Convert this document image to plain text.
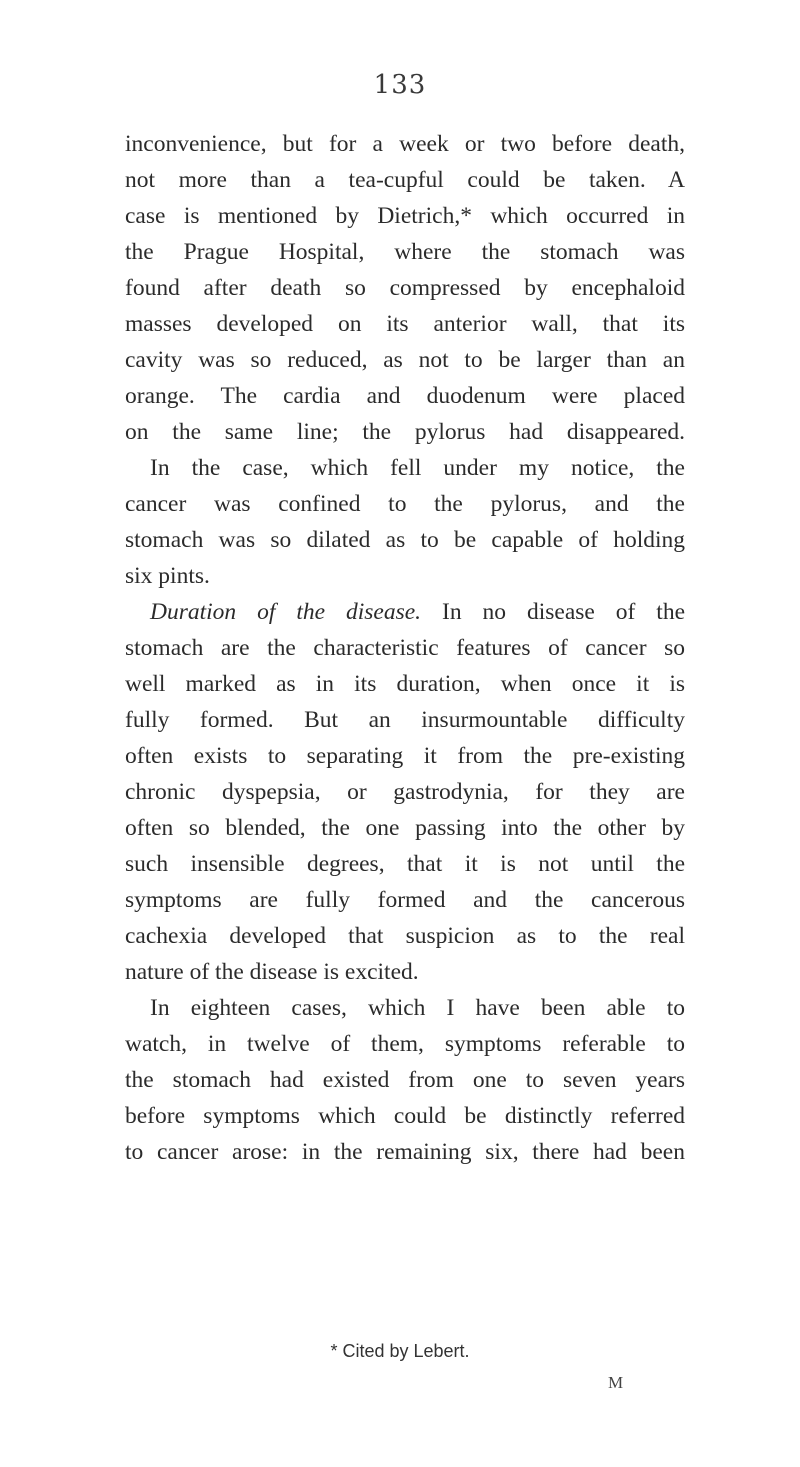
133
inconvenience, but for a week or two before death,
not more than a tea-cupful could be taken. A
case is mentioned by Dietrich,* which occurred in
the Prague Hospital, where the stomach was
found after death so compressed by encephaloid
masses developed on its anterior wall, that its
cavity was so reduced, as not to be larger than an
orange. The cardia and duodenum were placed
on the same line; the pylorus had disappeared.
In the case, which fell under my notice, the
cancer was confined to the pylorus, and the
stomach was so dilated as to be capable of holding
six pints.
Duration of the disease. In no disease of the
stomach are the characteristic features of cancer so
well marked as in its duration, when once it is
fully formed. But an insurmountable difficulty
often exists to separating it from the pre-existing
chronic dyspepsia, or gastrodynia, for they are
often so blended, the one passing into the other by
such insensible degrees, that it is not until the
symptoms are fully formed and the cancerous
cachexia developed that suspicion as to the real
nature of the disease is excited.
In eighteen cases, which I have been able to
watch, in twelve of them, symptoms referable to
the stomach had existed from one to seven years
before symptoms which could be distinctly referred
to cancer arose: in the remaining six, there had been
* Cited by Lebert.
M
